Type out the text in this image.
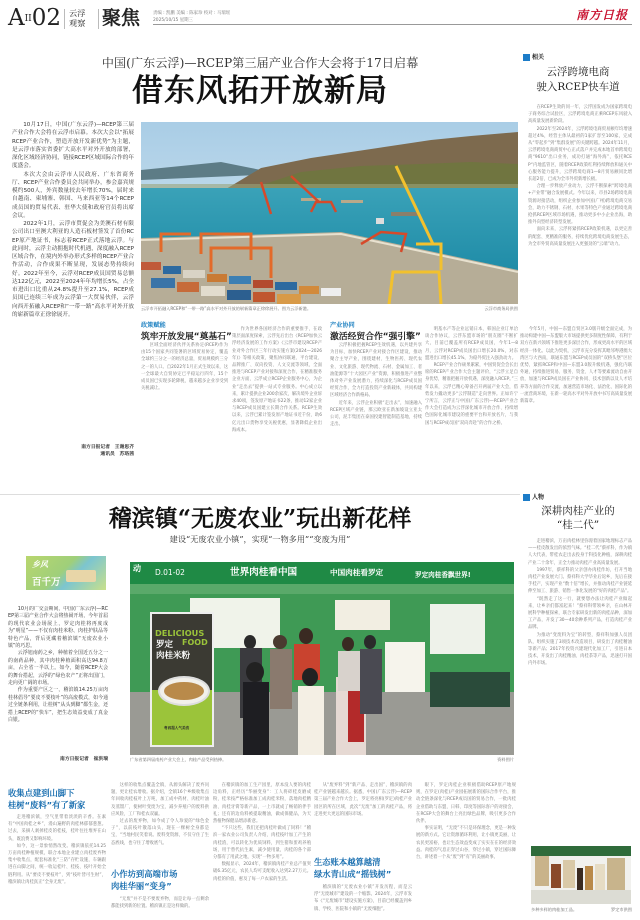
AII02 云浮
观察 聚焦	责编 : 凯鹏 美编 : 陈家珍 校对 : 马瑞瑶
2025/10/15 星期三	南方日报
中国(广东云浮)—RCEP第三届产业合作大会将于17日启幕
借东风拓开放新局

10月17日，中国(广东云浮)—RCEP第三届产业合作大会将在云浮市启幕。本次大会以“拓展RCEP产业合作，塑造开放开发新优势”为主题，是云浮市落实省委扩大高水平对外开放的部署，深化区域经济协同，链接RCEP区域国际合作的年度盛会。

本次大会由云浮市人民政府、广东省商务厅、RCEP产业合作委员会共同举办，参会嘉宾规模约500人，外宾数量较去年增长70%，届时来自越南、柬埔寨、韩国、马来西亚等14个RCEP成员国的贸易代表、驻华大使和政府官员将出席会议。

2022年1月，云浮市贸促会为美澳石材有限公司出口至澳大利亚的人造石板材签发了首份RCEP原产地证书，标志着RCEP正式落地云浮。与此同时，云浮主动拥抱时代机遇，深度融入RCEP区域合作，在境内外举办形式多样的RCEP产业合作活动，合作成果不断显现，发展态势持续向好。2022年至今，云浮对RCEP成员国贸易总额达122亿元，2022至2024年年均增长5%，占全市进出口比重从24.8%提升至27.1%，RCEP成员国已连续三年成为云浮第一大贸易伙伴，云浮向西开拓融入RCEP和“一带一路”高水平对外开放的崭新篇章正徐徐展开。

南方日报记者　王谢思齐
通讯员　苏珞茜
云浮市开拓融入RCEP和“一带一路”高水平对外开放的崭新篇章正徐徐展开。图为云浮新港。	云浮市商务局供图
政策赋能
筑牢开放发展“奠基石”

区域全面经济伙伴关系协定(RCEP)作为由15个国家共同签署的区域贸易协定，覆盖全球约三分之一的经济总量，贸易规模约三分之一的人口。自2022年1月正式生效以来，这一全球最大自贸协定已平稳运行四年，15个成员国已实现多轮降税，越来越多企业享受到关税减让。

作为世界各国经济合作的重要推手，在政策层面深度探索，云浮先后出台《RCEP加快云浮经济发展的工作方案》《云浮市建设RCEP产业对外合作区三年行动实施方案(2024—2026年)》等相关政策，聚焦协同联通、平台建设、品牌推广、双向投资、人文交流等领域，全面推进与RCEP产业对接和深度合作，在精准服务企业方面，云浮成立RCEP企业服务中心，为企业“走出去”提供一站式专业服务。中心成立以来，累计提供企业200余家次，解决境外企业诉求40项，签发原产地证书22条，推动12家企业与RCEP成员国建立长期合作关系。RCEP生效以来，云浮已累计签发原产地证书近千份，助6亿元出口货物享受关税优惠，显著降低企业出海成本。

产业协同
激活经贸合作“强引擎”

云浮积极把握RCEP生效机遇，以共建共享为目标，加快RCEP产业对接合作区建设，推动聚合主导产业，围绕建材、生物医药、现代农业、文化旅游、现代物流、石材、金属加工、者油能源等“十大园区产业”资源，积极推进产业整体对外产业发展潜力，持续深化与RCEP成员国经贸合作，全力打造投资产业新载体，共同构建区域经济合作新格局。

近年来，云浮企业积极“走出去”，加速融入RCEP区域产业链，那云欧亚在新加坡设立亚太公司，泥丰集团在泰国投建智能制造基地，持续走出。

明基水产等企业远销日本，韩国企业订单洽谈合作协议，云浮东盟市场的“朋友圈”不断扩大，目前已覆盖所有RCEP成员国，今年1—8月，云浮对RCEP成员国出口增长20.0%，对东盟进出口增长45.1%，为稳外贸注入强劲动力。

RCEP产业合作硕果累累，中国贸促会会长出席的RCEP产业合作大会主题评价，“云浮立足自身优势，精准把握开放机遇，深度融入RCEP。”三年以来，云浮已精心筹备召开两届产业大会，借势发力撬动更多“云浮制造”走向世界。正如许宁宁所言，云浮正与中国(广东云浮)—RCEP产业合作大会打造成为云浮深化城市开放合作、持续增色国际化城市建设的重要平台和开放名片，与我国与RCEP成员国“双向奔赴”的合作之桥。

今年5月，中国—东盟自贸区3.0版升级全面完成，为推动构建中国—东盟版大市场提供更多制度性保障，有利于双方在新兴领域下推进更多深层合作，形成更高水平的区域经济一体化。以此为契机，云浮市充分发挥其毗邻粤港澳大湾区与大西南，联通东盟与RCEP成员国的“双桥头堡”区位优势，紧抓RCEP和中国—东盟3.0版升级机遇，强化内联外通，持续推进贸易、服务、资金、人才等要素流动自由开放，加速与RCEP成员国在产业协同、技术创新以及人才培养等方面的合作交流，加速营造市场化、法治化、国际化的一流营商环境，在新一轮高水平对外开放中书写高质量发展新篇章。

相关
云浮跨境电商
驶入RCEP快车道

在RCEP生效的同一年，云浮国发成为国家跨境电子商务综合试验区，云浮跨境电商正乘RCEP东风驶入高质量发展新阶段。

2022年至2024年，云浮跨境电商贸易额年均增速超过4%，经营主体从最初的1家扩容至100家，完成从“零起步”到“集群发展”的关键跨越。2024年11月，云浮跨境电商商贸中心正式落户并完成本地首单跨境电商“9610”出口业务，成功打通“海外海”，依托RCEP“内地监管区，随着RCEP政策红利持续释放和通关中心服务能力提升，云浮跨境电商1—8月贸易额同比增长超2倍，已成为全市外贸新增长极。

合理一步释放产业动力，云浮不断探索“跨境电商+产业带”融合发展模式。今年以来，市县2场跨境电商资源对接活动，组织企业参加中国(广州)跨境电商交易会，助力不锈钢、石材、水果等特色产业通过跨境电商抢抓RCEP区域市场机遇，推动更多中小企业出海，助推外向型经济转型发展。

面向未来，云浮将紧抓RCEP政策机遇，以更完善的配套、更精准的服务，持续优化跨境电商发展生态，为全市外贸高质量发展注入更强劲的“云端”动力。

稽滨镇“无废农业”玩出新花样
建设“无废农业小镇”，实现“一物多用”“变废为用”
乡风
百千万

10月的广交会期间，中国(广东云浮)—RCEP第三届产业合作大会将热闹开场，今年首届的现代农业会场展上，罗定肉桂将再度成为“明星”——不仅有肉桂米粉、肉桂护肤品等特色产品，背后更藏着稽滨镇“无废农业小镇”的巧思。

云浮旭南药之乡，种植着全国近五分之一的南药品种，其中肉桂种植面积高达94.8万亩，占全省一半以上。如今，随着RCEP大会的舞台搭起，云浮的“绿色农产”正将出国门，走向更广阔的市场。

作为重要产区之一，稽滨镇14.25万亩肉桂林倡导“要皮不要枝叶”的高废模式，如今通过全链条利用，让桂树“从头到脚”都生金，还搭上RCEP的“快车”，把生态效益变成了真金白银。

南方日报记者　崔洪瑞
动 D.01-02	世界肉桂看中国	中国肉桂看罗定	罗定肉桂香飘世界!
DELICIOUS
FOOD
罗定
肉桂米粉
粤西超人气美食
广东省第四届南药产业大会上，肉桂产品受到热捧。	资料图片
收集点建到山脚下
桂树“废料”有了新家

走进稽滨镇，空气里带着淡淡的辛香。在素有“中国肉桂之乡”，漫山遍野的肉桂林郁郁葱葱。过去，采摘人剥掉桂皮的桂枝，桂叶往往堆弃在山头，既浪费又影响环境。

如今，这一景象悄然改变。稽滨镇依托14.25万亩肉桂种植规模，联合本地企业建立肉桂废弃物集中收集点，配套标准化“三防”存贮设施，车辆跟进在山脚之间，统一收运桂叶、桂枝、枝叶开始全链利用。从“要皮不要枝叶”，到“枝叶皆可生财”，稽滨镇让肉桂真正“全身无废”。

这样的收集点覆盖全镇，从源头解决了废弃问题，更让桂农增收。据介绍，全镇16个乡级收集点年回收肉桂枝叶上万吨，加工成中药材、肉桂叶油及蒸馏厂，使树叶变废为宝，减少养殖户的废料供应风险，工厂和桂农双赢。

过去的废弃物，如今成了令人珍爱的“绿色金子”，以前枝叶散落山头，现在一棵树全身都是宝，“当地村民笑着说。废料变资源，不仅守住了生态底线，也守住了增收底气。

小作坊到高端市场
肉桂华丽“变身”

“无废”并不是不要废弃物，而是让每一点剩余都能找到新的位置。稽滨镇正是这样做的。

在稽滨镇的加工生产园里，原本没人要的肉桂边角料，正经历“华丽变身”：工人将碎桂皮磨成粉，桂米按严格标准加工成肉桂米粉，落地肉桂精油、肉桂牙膏等新产品，一上市就成了畅销的伴手礼；还有的边角料被提取精油，做成保健品，为天然植物保健品增添新意。

“不只这些，我们还把肉桂叶做成了饲料！”稽滨一家农业公司负责人介绍，肉桂枝叶加工产生的肉桂渣，可以转化为优质饲料，到生猪和蛋鸡养殖场，用于替代抗生素，减少使用量，肉桂的各个部分都有了用武之地，实现“一物多用”。

数据显示，2024年，稽滨镇肉桂产业总产值突破6.35亿元，农民人均可支配收入达到2.27万元。肉桂的价值，惠及了每一户农家的生活。

从“废弃料”到“新产品、走出国”，稽滨镇的肉桂产业链越来越长。据悉，中国(广东云浮)—RCEP第三届产业合作大会上，罗定将亮相(罗定)肉桂产业园区的所在区域，此次“无废”加工的肉桂产品，将走进更大更远的国际市场。

生态账本越算越清
绿水青山成“摇钱树”

稽滨镇的“无废农业小镇”开发历程，而是云浮“无废城市”建设的一个缩影。2024年，云浮市发布《“无废城市”建设实施方案》，目前已经覆盖到乡镇、学校、医院和小镇的“无废细胞”。

眼下，罗定肉桂企业积极借助RCEP原产地规则，在罗定(肉桂)产业园拓展新的国际合作平台，推动全链条深化与RCEP成员国的贸易合作，一批肉桂企业借助与东盟、日韩、印度等国际客户的对接会，在RCEP大会的舞台上亮出绿色品牌，吸引更多合作伙伴。

事实证明，“无废”不只是环保理念，更是一种发展的新方式。它让资源循环利用，让小镇更美丽，让农民更富裕，也让生态效益变成了实实在在的经济效益。肉桂的气息正穿过山谷，穿过小镇，穿过国际舞台，讲述着一个从“废”到“有”的美丽故事。

人物
深耕肉桂产业的
“桂二代”

走进稽滨，万亩肉桂林里弥漫着国家地理标志产品——桂皮散发出的浓烈气味。“桂二代”蔡祥科，作为镇人大代表，带桂农走出去投身于科技化种植，深耕肉桂产业二十余年，正全力推动肉桂产业高质量发展。

1997年，蔡祥科的父亲创办肉桂作坊，打开当地肉桂产业发展大门。蔡祥科大学毕业后返乡，先后在接手桂产，实现产业“数十倍”增长，并推动肉桂产业链延伸至加工、旅游、销售一体化发展的“好的肉桂产品”。

“既然走了这一行，就要想办法让肉桂产业做起来，让乡亲们都富起来！”蔡祥科带领乡亲，在山林开展科学种植探索，联合专家研发出新的肉桂品种，深加工产品，开发了30—40余种系列产品，打造肉桂产业品牌。

为推动“变废料为宝”的转型，蔡祥科加强人员团队，组织实施了3项技术改造项目，研发出了肉桂精油等新产品；2017年投资兴建现代化加工厂，引进日本技术，开发出了肉桂精油、肉桂茶等产品，迅速打开国内外市场。

多种多样的肉桂加工品。	罗定市供图
